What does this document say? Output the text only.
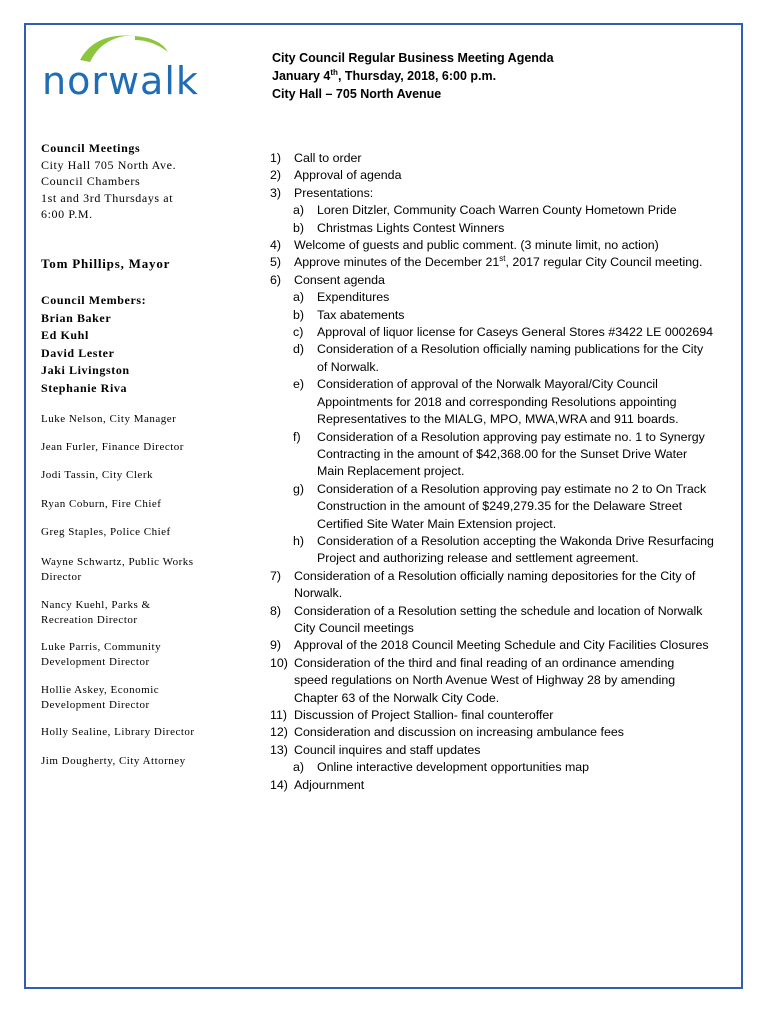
norwalk
City Council Regular Business Meeting Agenda
January 4th, Thursday, 2018, 6:00 p.m.
City Hall – 705 North Avenue
Council Meetings
City Hall 705 North Ave.
Council Chambers
1st and 3rd Thursdays at
6:00 P.M.
Tom Phillips, Mayor
Council Members:
Brian Baker
Ed Kuhl
David Lester
Jaki Livingston
Stephanie Riva
Luke Nelson, City Manager
Jean Furler, Finance Director
Jodi Tassin, City Clerk
Ryan Coburn, Fire Chief
Greg Staples, Police Chief
Wayne Schwartz, Public Works
Director
Nancy Kuehl, Parks &
Recreation Director
Luke Parris, Community
Development Director
Hollie Askey, Economic
Development Director
Holly Sealine, Library Director
Jim Dougherty, City Attorney
1)	Call to order
2)	Approval of agenda
3)	Presentations:
a) Loren Ditzler, Community Coach Warren County Hometown Pride
b) Christmas Lights Contest Winners
4)	Welcome of guests and public comment. (3 minute limit, no action)
5)	Approve minutes of the December 21st, 2017 regular City Council meeting.
6)	Consent agenda
a) Expenditures
b) Tax abatements
c) Approval of liquor license for Caseys General Stores #3422 LE 0002694
d) Consideration of a Resolution officially naming publications for the City
of Norwalk.
e) Consideration of approval of the Norwalk Mayoral/City Council
Appointments for 2018 and corresponding Resolutions appointing
Representatives to the MIALG, MPO, MWA,WRA and 911 boards.
f) Consideration of a Resolution approving pay estimate no. 1 to Synergy
Contracting in the amount of $42,368.00 for the Sunset Drive Water
Main Replacement project.
g) Consideration of a Resolution approving pay estimate no 2 to On Track
Construction in the amount of $249,279.35 for the Delaware Street
Certified Site Water Main Extension project.
h) Consideration of a Resolution accepting the Wakonda Drive Resurfacing
Project and authorizing release and settlement agreement.
7)	Consideration of a Resolution officially naming depositories for the City of
Norwalk.
8)	Consideration of a Resolution setting the schedule and location of Norwalk
City Council meetings
9)	Approval of the 2018 Council Meeting Schedule and City Facilities Closures
10) Consideration of the third and final reading of an ordinance amending
speed regulations on North Avenue West of Highway 28 by amending
Chapter 63 of the Norwalk City Code.
11) Discussion of Project Stallion- final counteroffer
12) Consideration and discussion on increasing ambulance fees
13) Council inquires and staff updates
a) Online interactive development opportunities map
14) Adjournment
